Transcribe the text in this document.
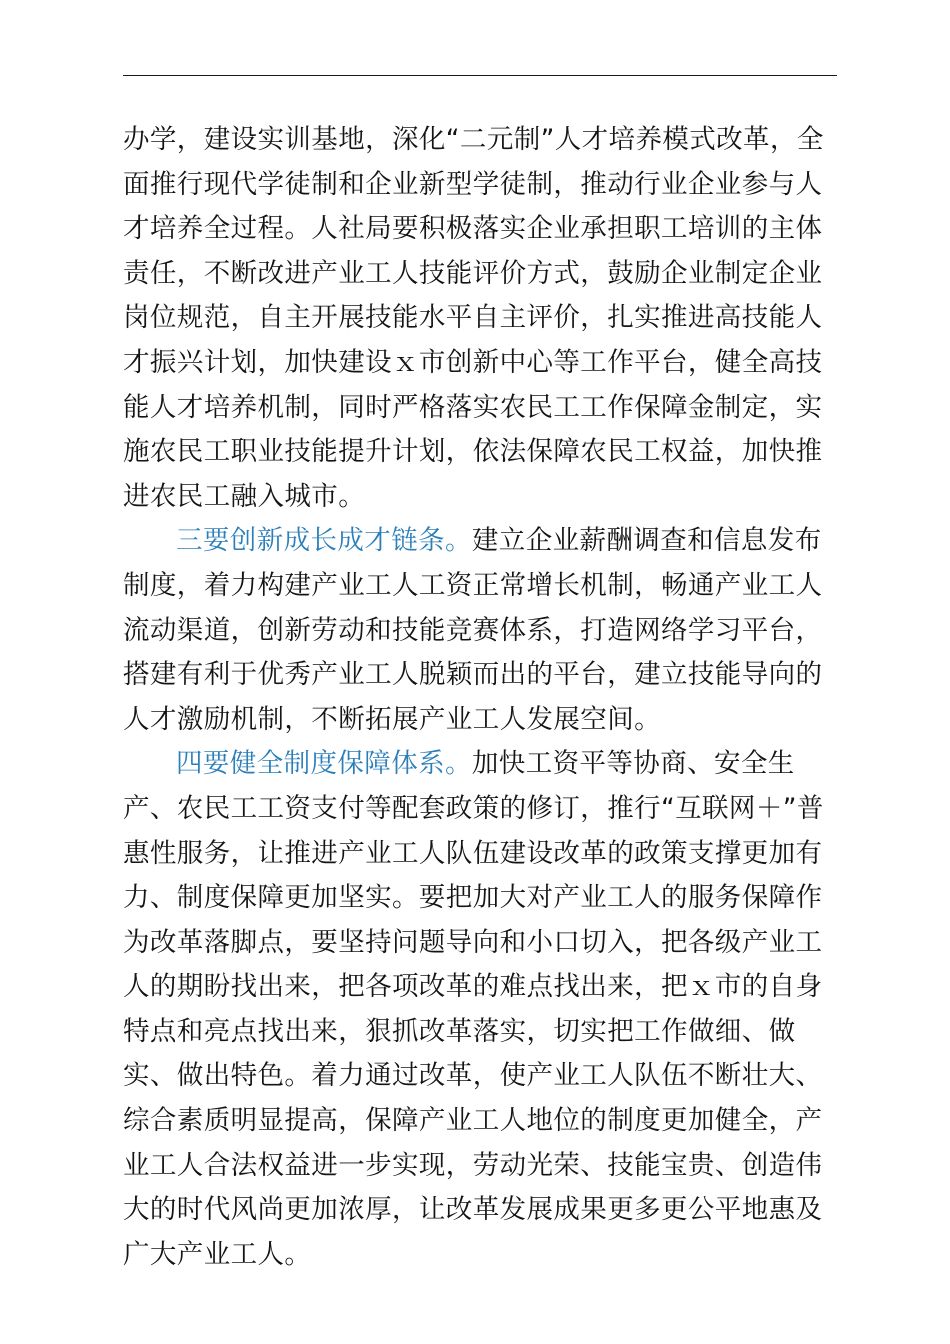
办学，建设实训基地，深化“二元制”人才培养模式改革，全面推行现代学徒制和企业新型学徒制，推动行业企业参与人才培养全过程。人社局要积极落实企业承担职工培训的主体责任，不断改进产业工人技能评价方式，鼓励企业制定企业岗位规范，自主开展技能水平自主评价，扎实推进高技能人才振兴计划，加快建设ｘ市创新中心等工作平台，健全高技能人才培养机制，同时严格落实农民工工作保障金制定，实施农民工职业技能提升计划，依法保障农民工权益，加快推进农民工融入城市。

三要创新成长成才链条。建立企业薪酬调查和信息发布制度，着力构建产业工人工资正常增长机制，畅通产业工人流动渠道，创新劳动和技能竞赛体系，打造网络学习平台，搭建有利于优秀产业工人脱颖而出的平台，建立技能导向的人才激励机制，不断拓展产业工人发展空间。

四要健全制度保障体系。加快工资平等协商、安全生产、农民工工资支付等配套政策的修订，推行“互联网＋”普惠性服务，让推进产业工人队伍建设改革的政策支撑更加有力、制度保障更加坚实。要把加大对产业工人的服务保障作为改革落脚点，要坚持问题导向和小口切入，把各级产业工人的期盼找出来，把各项改革的难点找出来，把ｘ市的自身特点和亮点找出来，狠抓改革落实，切实把工作做细、做实、做出特色。着力通过改革，使产业工人队伍不断壮大、综合素质明显提高，保障产业工人地位的制度更加健全，产业工人合法权益进一步实现，劳动光荣、技能宝贵、创造伟大的时代风尚更加浓厚，让改革发展成果更多更公平地惠及广大产业工人。
